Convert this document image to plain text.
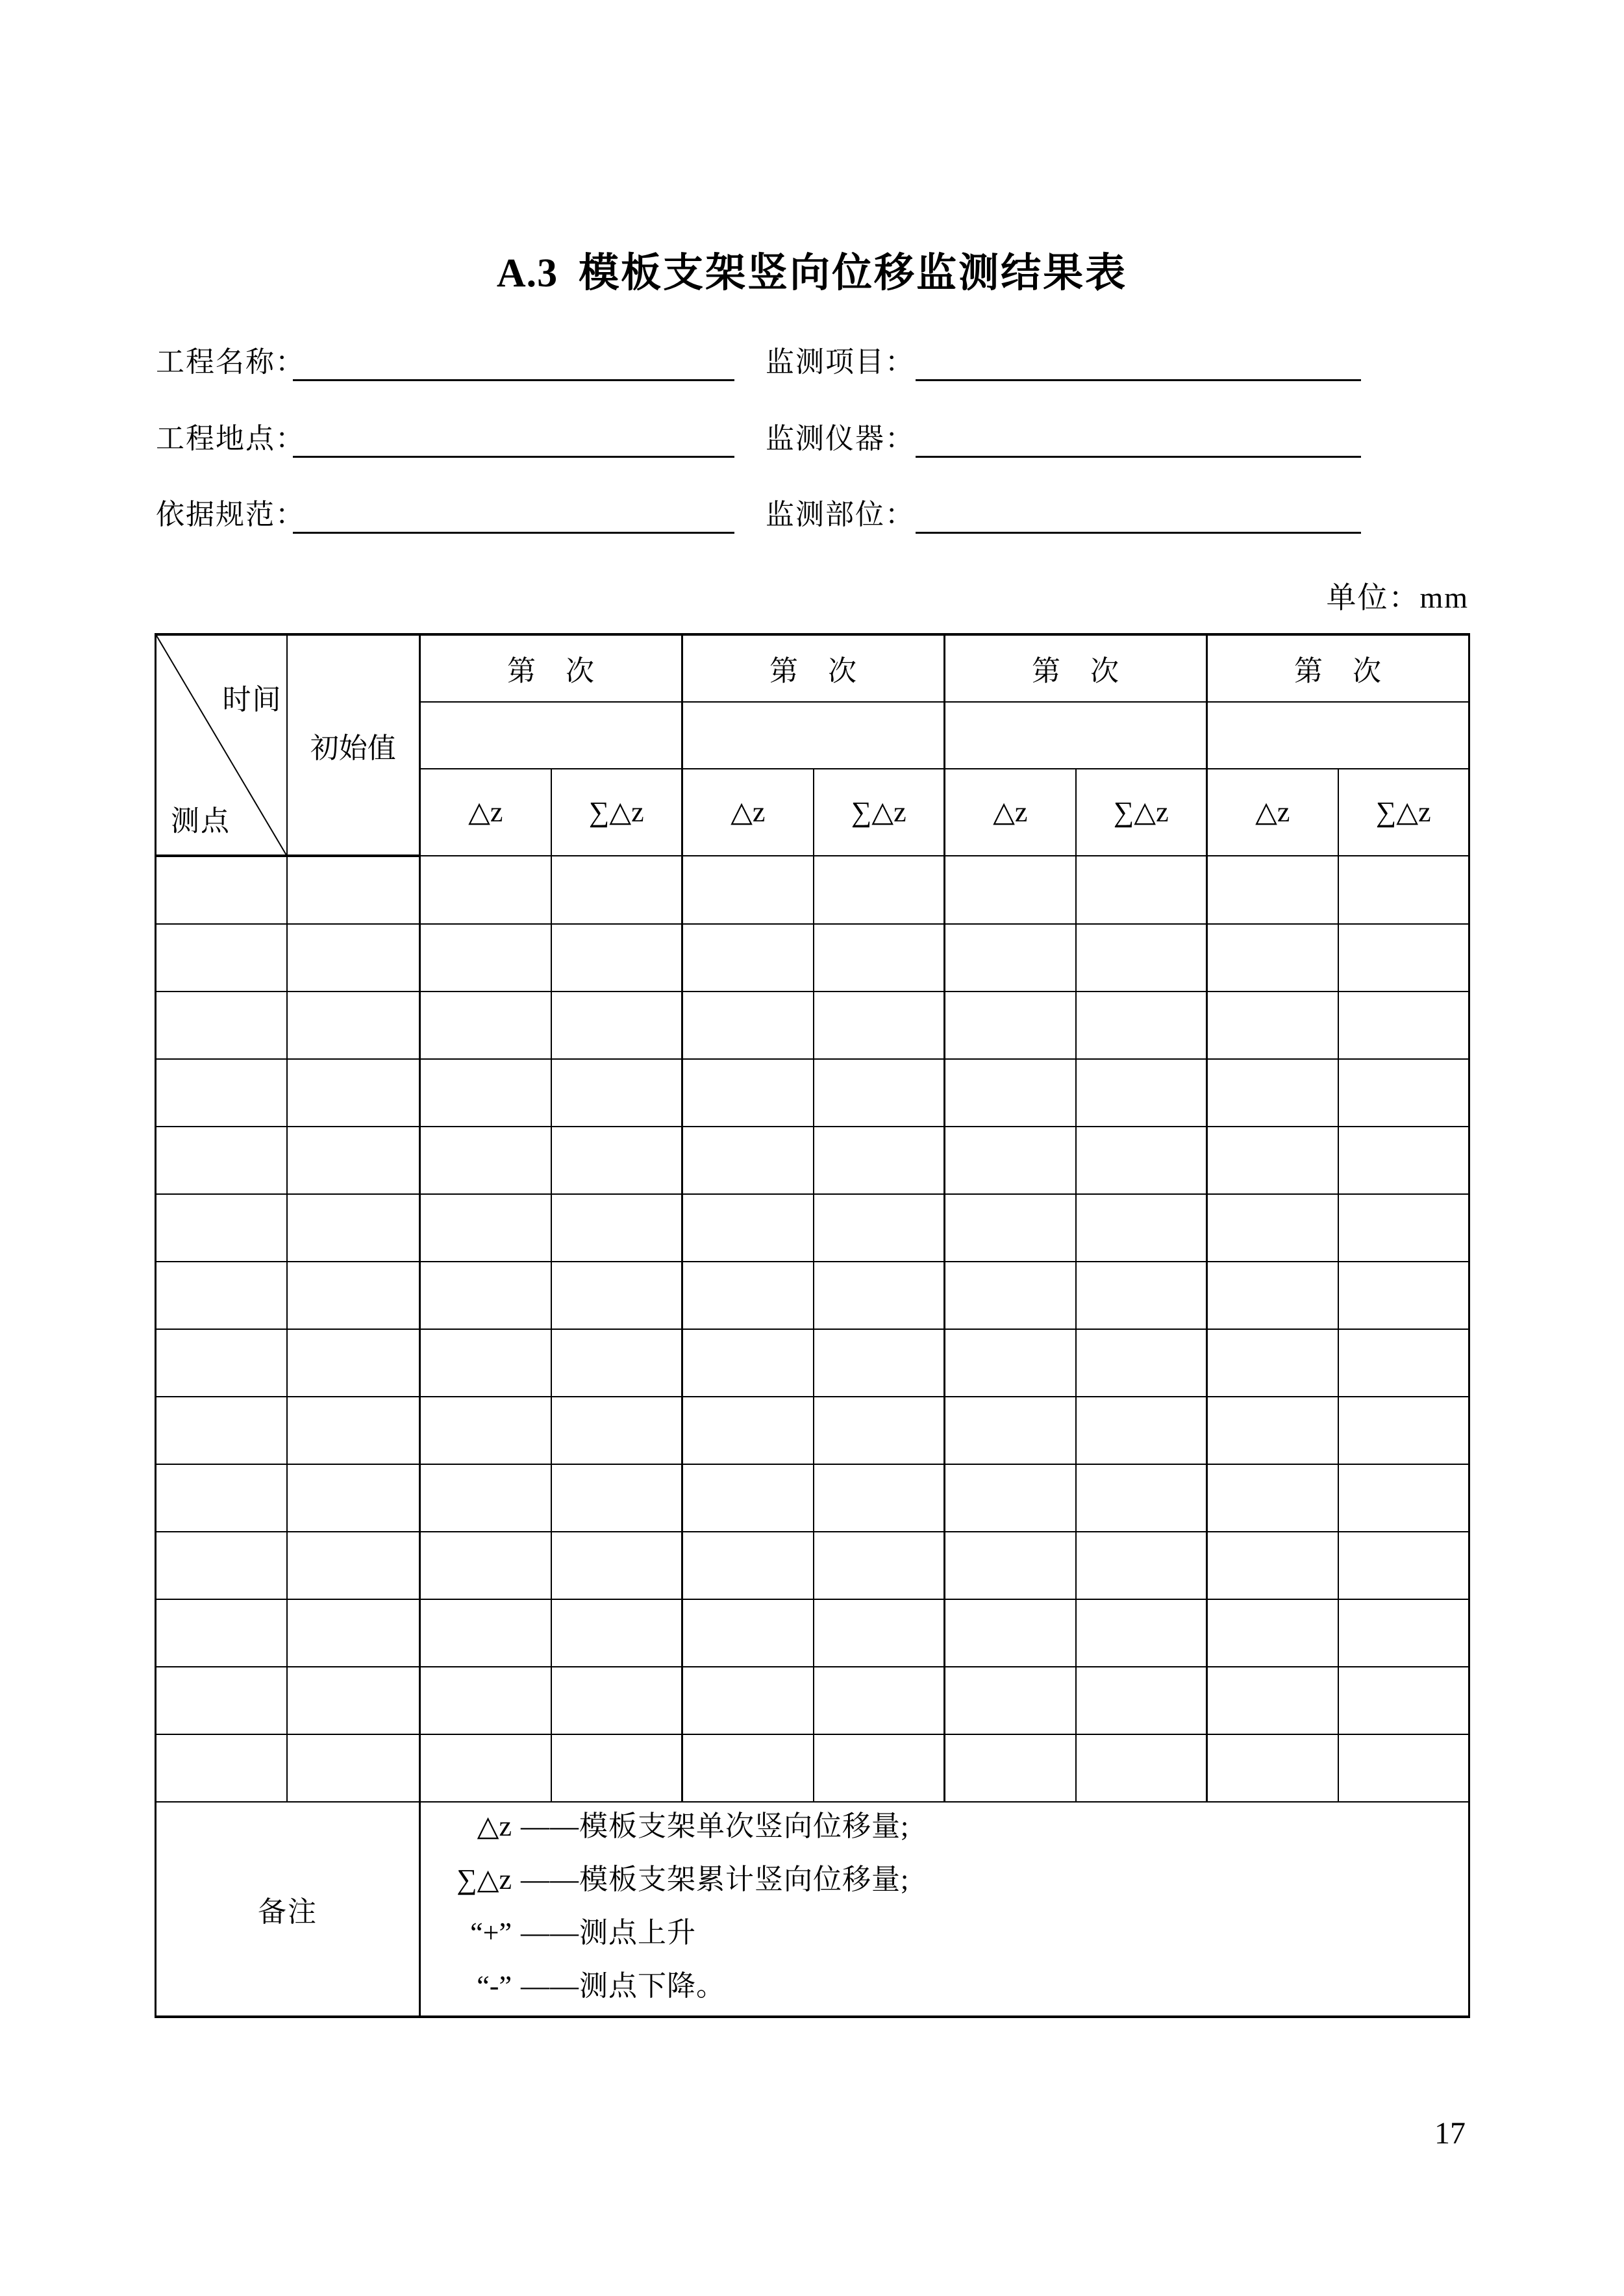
A.3 模板支架竖向位移监测结果表
工程名称：	监测项目：
工程地点：	监测仪器：
依据规范：	监测部位：
单位：mm
时间
测点	初始值	第　次		第　次		第　次		第　次	

		△z	∑△z	△z	∑△z	△z	∑△z	△z	∑△z

备注	
△z ——模板支架单次竖向位移量;
∑△z ——模板支架累计竖向位移量;
“+” ——测点上升
“-” ——测点下降。
17
